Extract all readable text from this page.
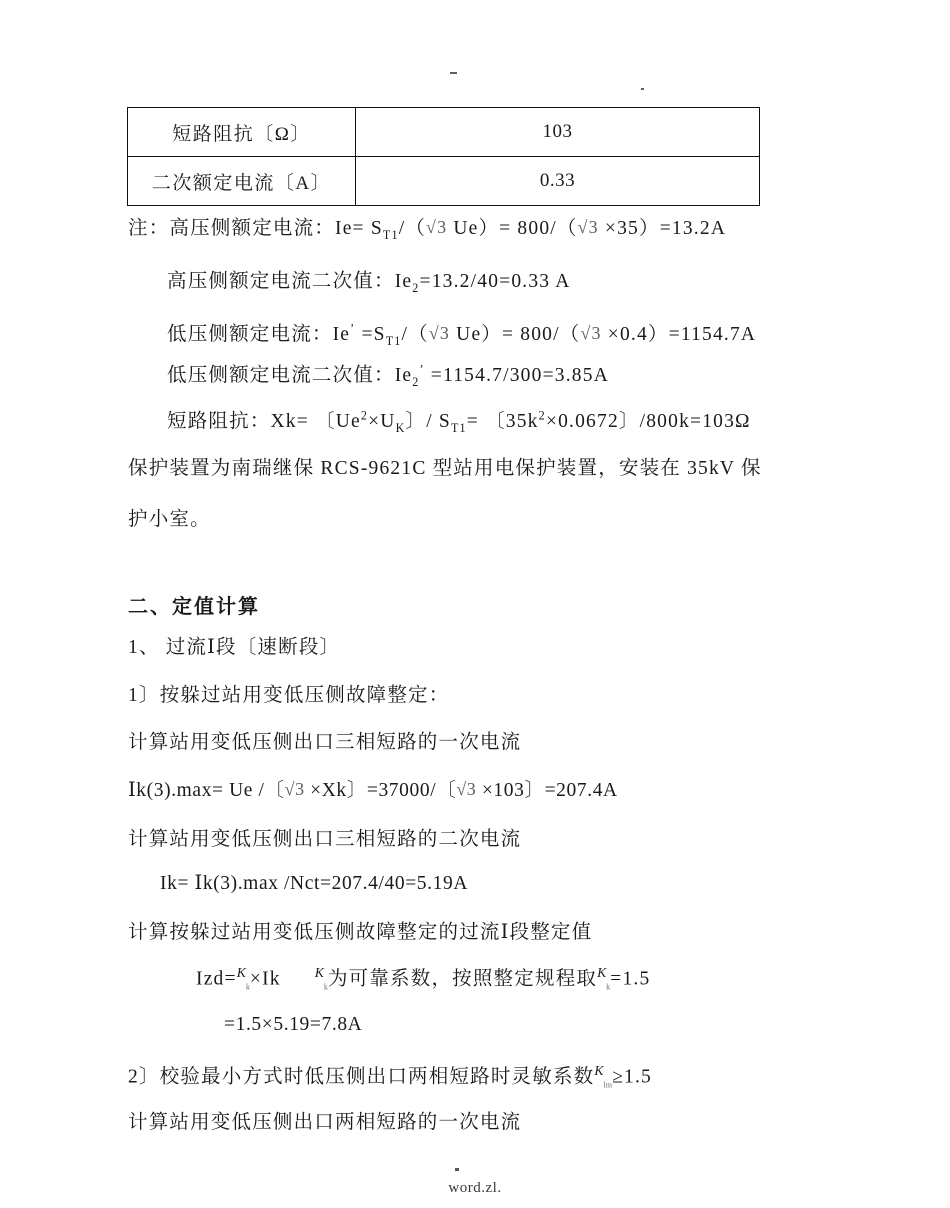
短路阻抗〔Ω〕	103
二次额定电流〔A〕	0.33
注：高压侧额定电流：$Ie= S_{T1}/(√3$ Ue）= 800/（√3 ×35）=13.2A
高压侧额定电流二次值：$Ie_2=13.2/40=0.33$ A
低压侧额定电流：$Ie^’ =S_{T1}/(√3$ Ue）= 800/（√3 ×0.4）=1154.7A
低压侧额定电流二次值：$Ie_2^’ =1154.7/300=3.85A$
短路阻抗：Xk= 〔$Ue^2\times U_K$〕/ $S_{T1}=$ 〔$35k^2\times 0.0672$〕/800k=103Ω
保护装置为南瑞继保 RCS-9621C 型站用电保护装置，安装在 35kV 保
护小室。
二、定值计算
1、 过流Ⅰ段〔速断段〕
1〕按躲过站用变低压侧故障整定：
计算站用变低压侧出口三相短路的一次电流
Ⅰk(3).max= Ue /〔√3 ×Xk〕=37000/〔√3 ×103〕=207.4A
计算站用变低压侧出口三相短路的二次电流
Ik= Ⅰk(3).max /Nct=207.4/40=5.19A
计算按躲过站用变低压侧故障整定的过流Ⅰ段整定值
Izd=$^K_k$×Ik $^K_k$为可靠系数，按照整定规程取$^K_k$=1.5
=1.5×5.19=7.8A
2〕校验最小方式时低压侧出口两相短路时灵敏系数$^K_{lm}$≥1.5
计算站用变低压侧出口两相短路的一次电流
word.zl.
